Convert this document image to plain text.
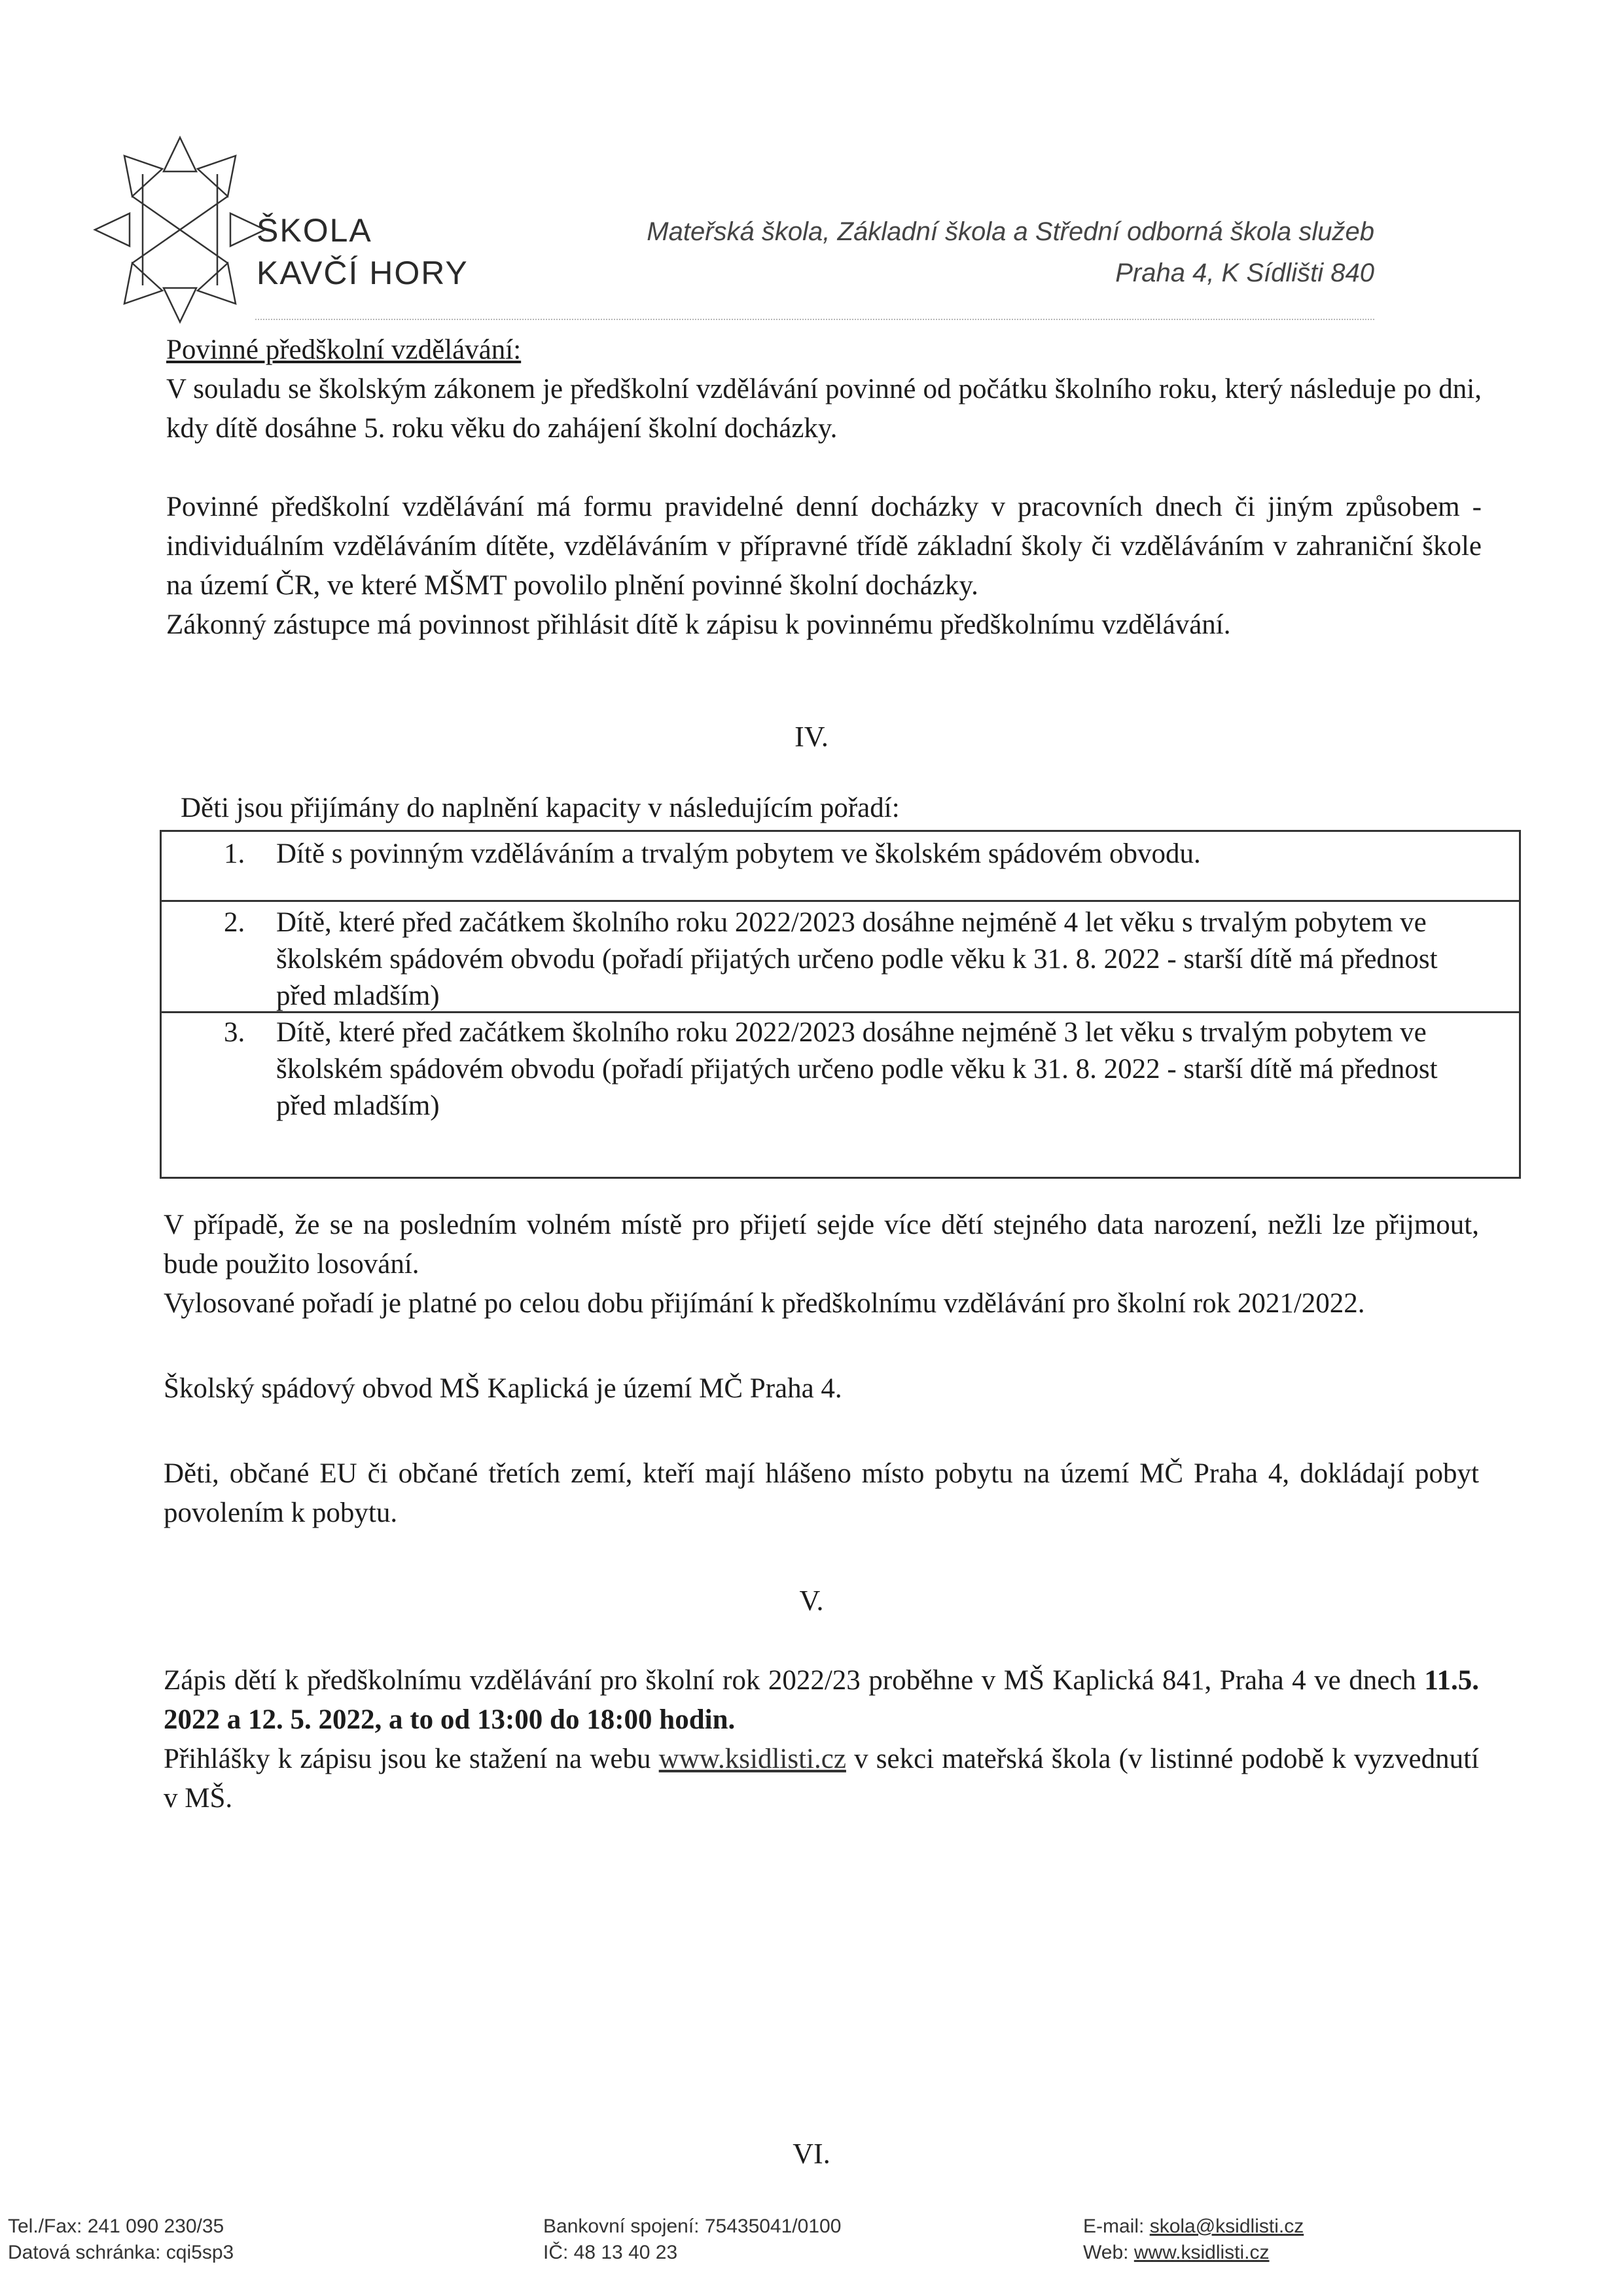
ŠKOLA
KAVČÍ HORY
Mateřská škola, Základní škola a Střední odborná škola služeb
Praha 4, K Sídlišti 840

Povinné předškolní vzdělávání:

V souladu se školským zákonem je předškolní vzdělávání povinné od počátku školního roku, který následuje po dni, kdy dítě dosáhne 5. roku věku do zahájení školní docházky.

Povinné předškolní vzdělávání má formu pravidelné denní docházky v pracovních dnech či jiným způsobem - individuálním vzděláváním dítěte, vzděláváním v přípravné třídě základní školy či vzděláváním v zahraniční škole na území ČR, ve které MŠMT povolilo plnění povinné školní docházky.

Zákonný zástupce má povinnost přihlásit dítě k zápisu k povinnému předškolnímu vzdělávání.

IV.
Děti jsou přijímány do naplnění kapacity v následujícím pořadí:
1. Dítě s povinným vzděláváním a trvalým pobytem ve školském spádovém obvodu.
2. Dítě, které před začátkem školního roku 2022/2023 dosáhne nejméně 4 let věku s trvalým pobytem ve školském spádovém obvodu (pořadí přijatých určeno podle věku k 31. 8. 2022 - starší dítě má přednost před mladším)
3. Dítě, které před začátkem školního roku 2022/2023 dosáhne nejméně 3 let věku s trvalým pobytem ve školském spádovém obvodu (pořadí přijatých určeno podle věku k 31. 8. 2022 - starší dítě má přednost před mladším)

V případě, že se na posledním volném místě pro přijetí sejde více dětí stejného data narození, nežli lze přijmout, bude použito losování.

Vylosované pořadí je platné po celou dobu přijímání k předškolnímu vzdělávání pro školní rok 2021/2022.

Školský spádový obvod MŠ Kaplická je území MČ Praha 4.

Děti, občané EU či občané třetích zemí, kteří mají hlášeno místo pobytu na území MČ Praha 4, dokládají pobyt povolením k pobytu.

V.

Zápis dětí k předškolnímu vzdělávání pro školní rok 2022/23 proběhne v MŠ Kaplická 841, Praha 4 ve dnech 11.5. 2022 a 12. 5. 2022, a to od 13:00 do 18:00 hodin.

Přihlášky k zápisu jsou ke stažení na webu www.ksidlisti.cz v sekci mateřská škola (v listinné podobě k vyzvednutí v MŠ.

VI.
Tel./Fax: 241 090 230/35
Datová schránka: cqi5sp3
Bankovní spojení: 75435041/0100
IČ: 48 13 40 23
E-mail: skola@ksidlisti.cz
Web: www.ksidlisti.cz
